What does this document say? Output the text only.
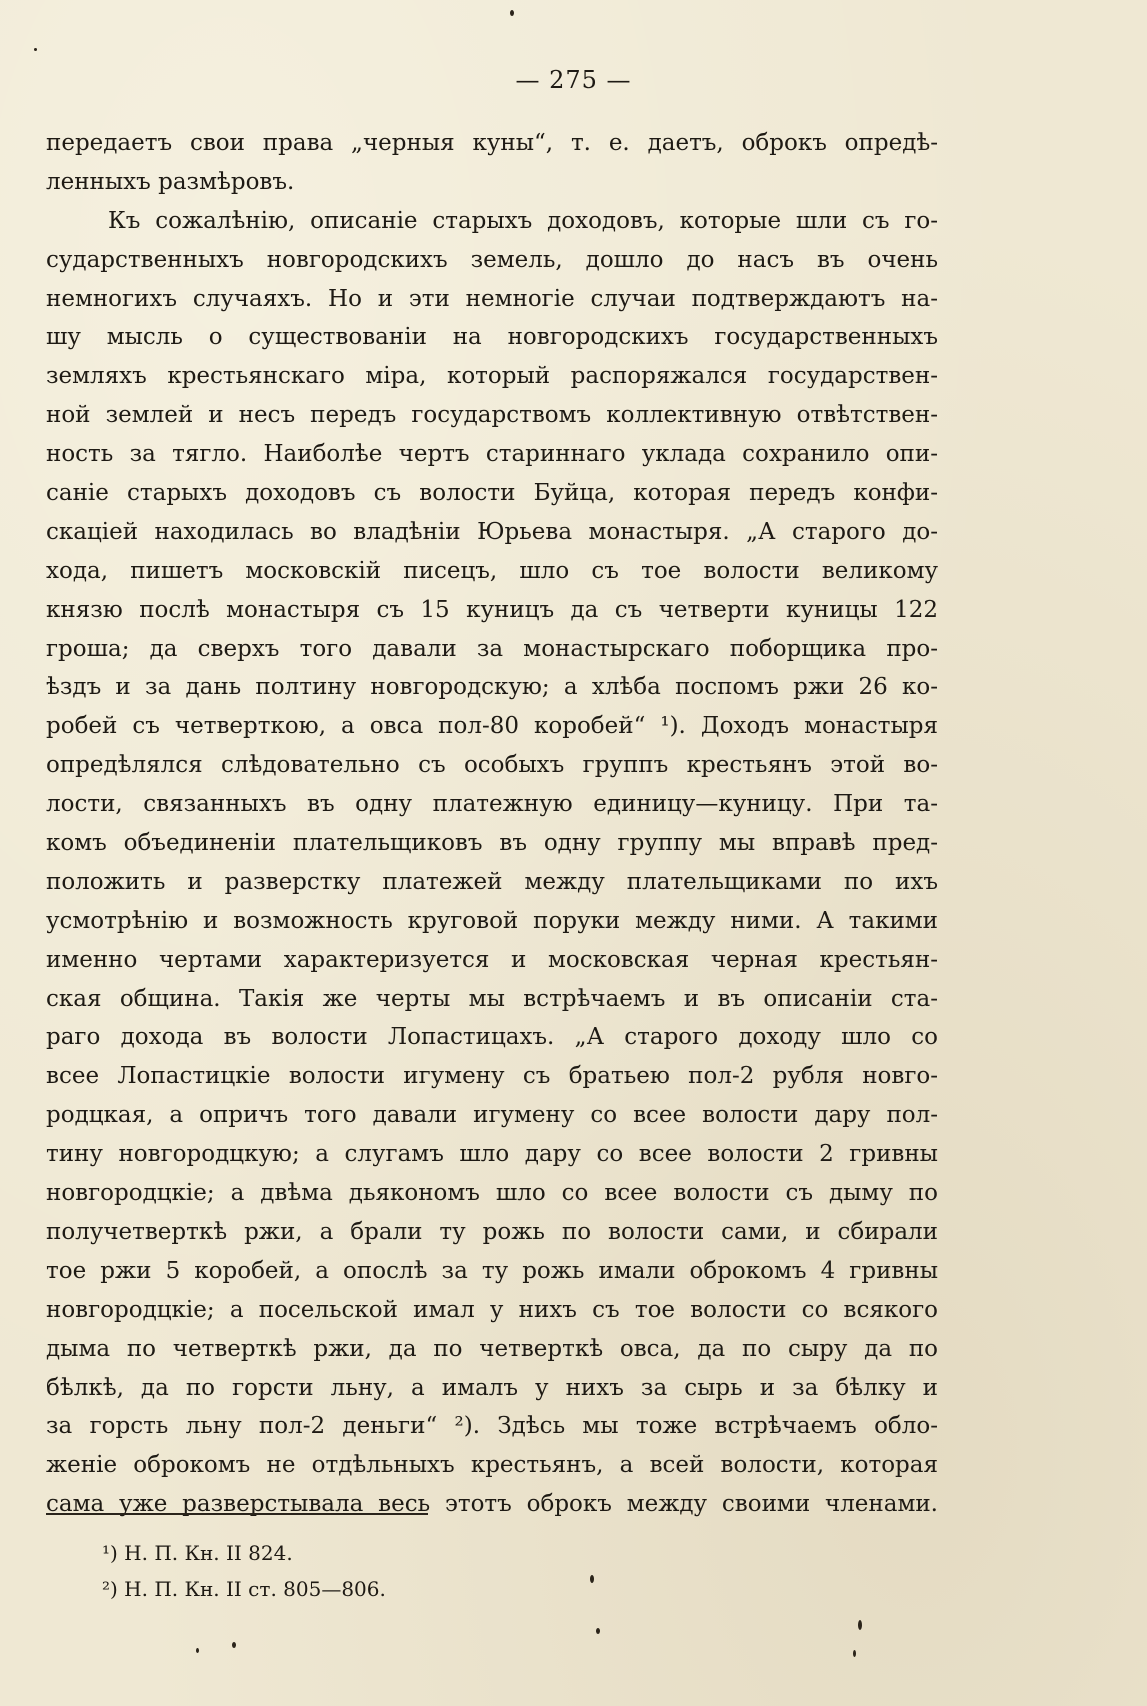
— 275 —
передаетъ свои права „черныя куны“, т. е. даетъ, оброкъ опредѣ-
ленныхъ размѣровъ.
Къ сожалѣнію, описаніе старыхъ доходовъ, которые шли съ го-
сударственныхъ новгородскихъ земель, дошло до насъ въ очень
немногихъ случаяхъ. Но и эти немногіе случаи подтверждаютъ на-
шу мысль о существованіи на новгородскихъ государственныхъ
земляхъ крестьянскаго міра, который распоряжался государствен-
ной землей и несъ передъ государствомъ коллективную отвѣтствен-
ность за тягло. Наиболѣе чертъ стариннаго уклада сохранило опи-
саніе старыхъ доходовъ съ волости Буйца, которая передъ конфи-
скаціей находилась во владѣніи Юрьева монастыря. „А старого до-
хода, пишетъ московскій писецъ, шло съ тое волости великому
князю послѣ монастыря съ 15 куницъ да съ четверти куницы 122
гроша; да сверхъ того давали за монастырскаго поборщика про-
ѣздъ и за дань полтину новгородскую; а хлѣба поспомъ ржи 26 ко-
робей съ четверткою, а овса пол-80 коробей“ ¹). Доходъ монастыря
опредѣлялся слѣдовательно съ особыхъ группъ крестьянъ этой во-
лости, связанныхъ въ одну платежную единицу—куницу. При та-
комъ объединеніи плательщиковъ въ одну группу мы вправѣ пред-
положить и разверстку платежей между плательщиками по ихъ
усмотрѣнію и возможность круговой поруки между ними. А такими
именно чертами характеризуется и московская черная крестьян-
ская община. Такія же черты мы встрѣчаемъ и въ описаніи ста-
раго дохода въ волости Лопастицахъ. „А старого доходу шло со
всее Лопастицкіе волости игумену съ братьею пол-2 рубля новго-
родцкая, а опричъ того давали игумену со всее волости дару пол-
тину новгородцкую; а слугамъ шло дару со всее волости 2 гривны
новгородцкіе; а двѣма дьякономъ шло со всее волости съ дыму по
получетверткѣ ржи, а брали ту рожь по волости сами, и сбирали
тое ржи 5 коробей, а опослѣ за ту рожь имали оброкомъ 4 гривны
новгородцкіе; а посельской имал у нихъ съ тое волости со всякого
дыма по четверткѣ ржи, да по четверткѣ овса, да по сыру да по
бѣлкѣ, да по горсти льну, а ималъ у нихъ за сырь и за бѣлку и
за горсть льну пол-2 деньги“ ²). Здѣсь мы тоже встрѣчаемъ обло-
женіе оброкомъ не отдѣльныхъ крестьянъ, а всей волости, которая
сама уже разверстывала весь этотъ оброкъ между своими членами.
¹) Н. П. Кн. II 824.
²) Н. П. Кн. II ст. 805—806.
